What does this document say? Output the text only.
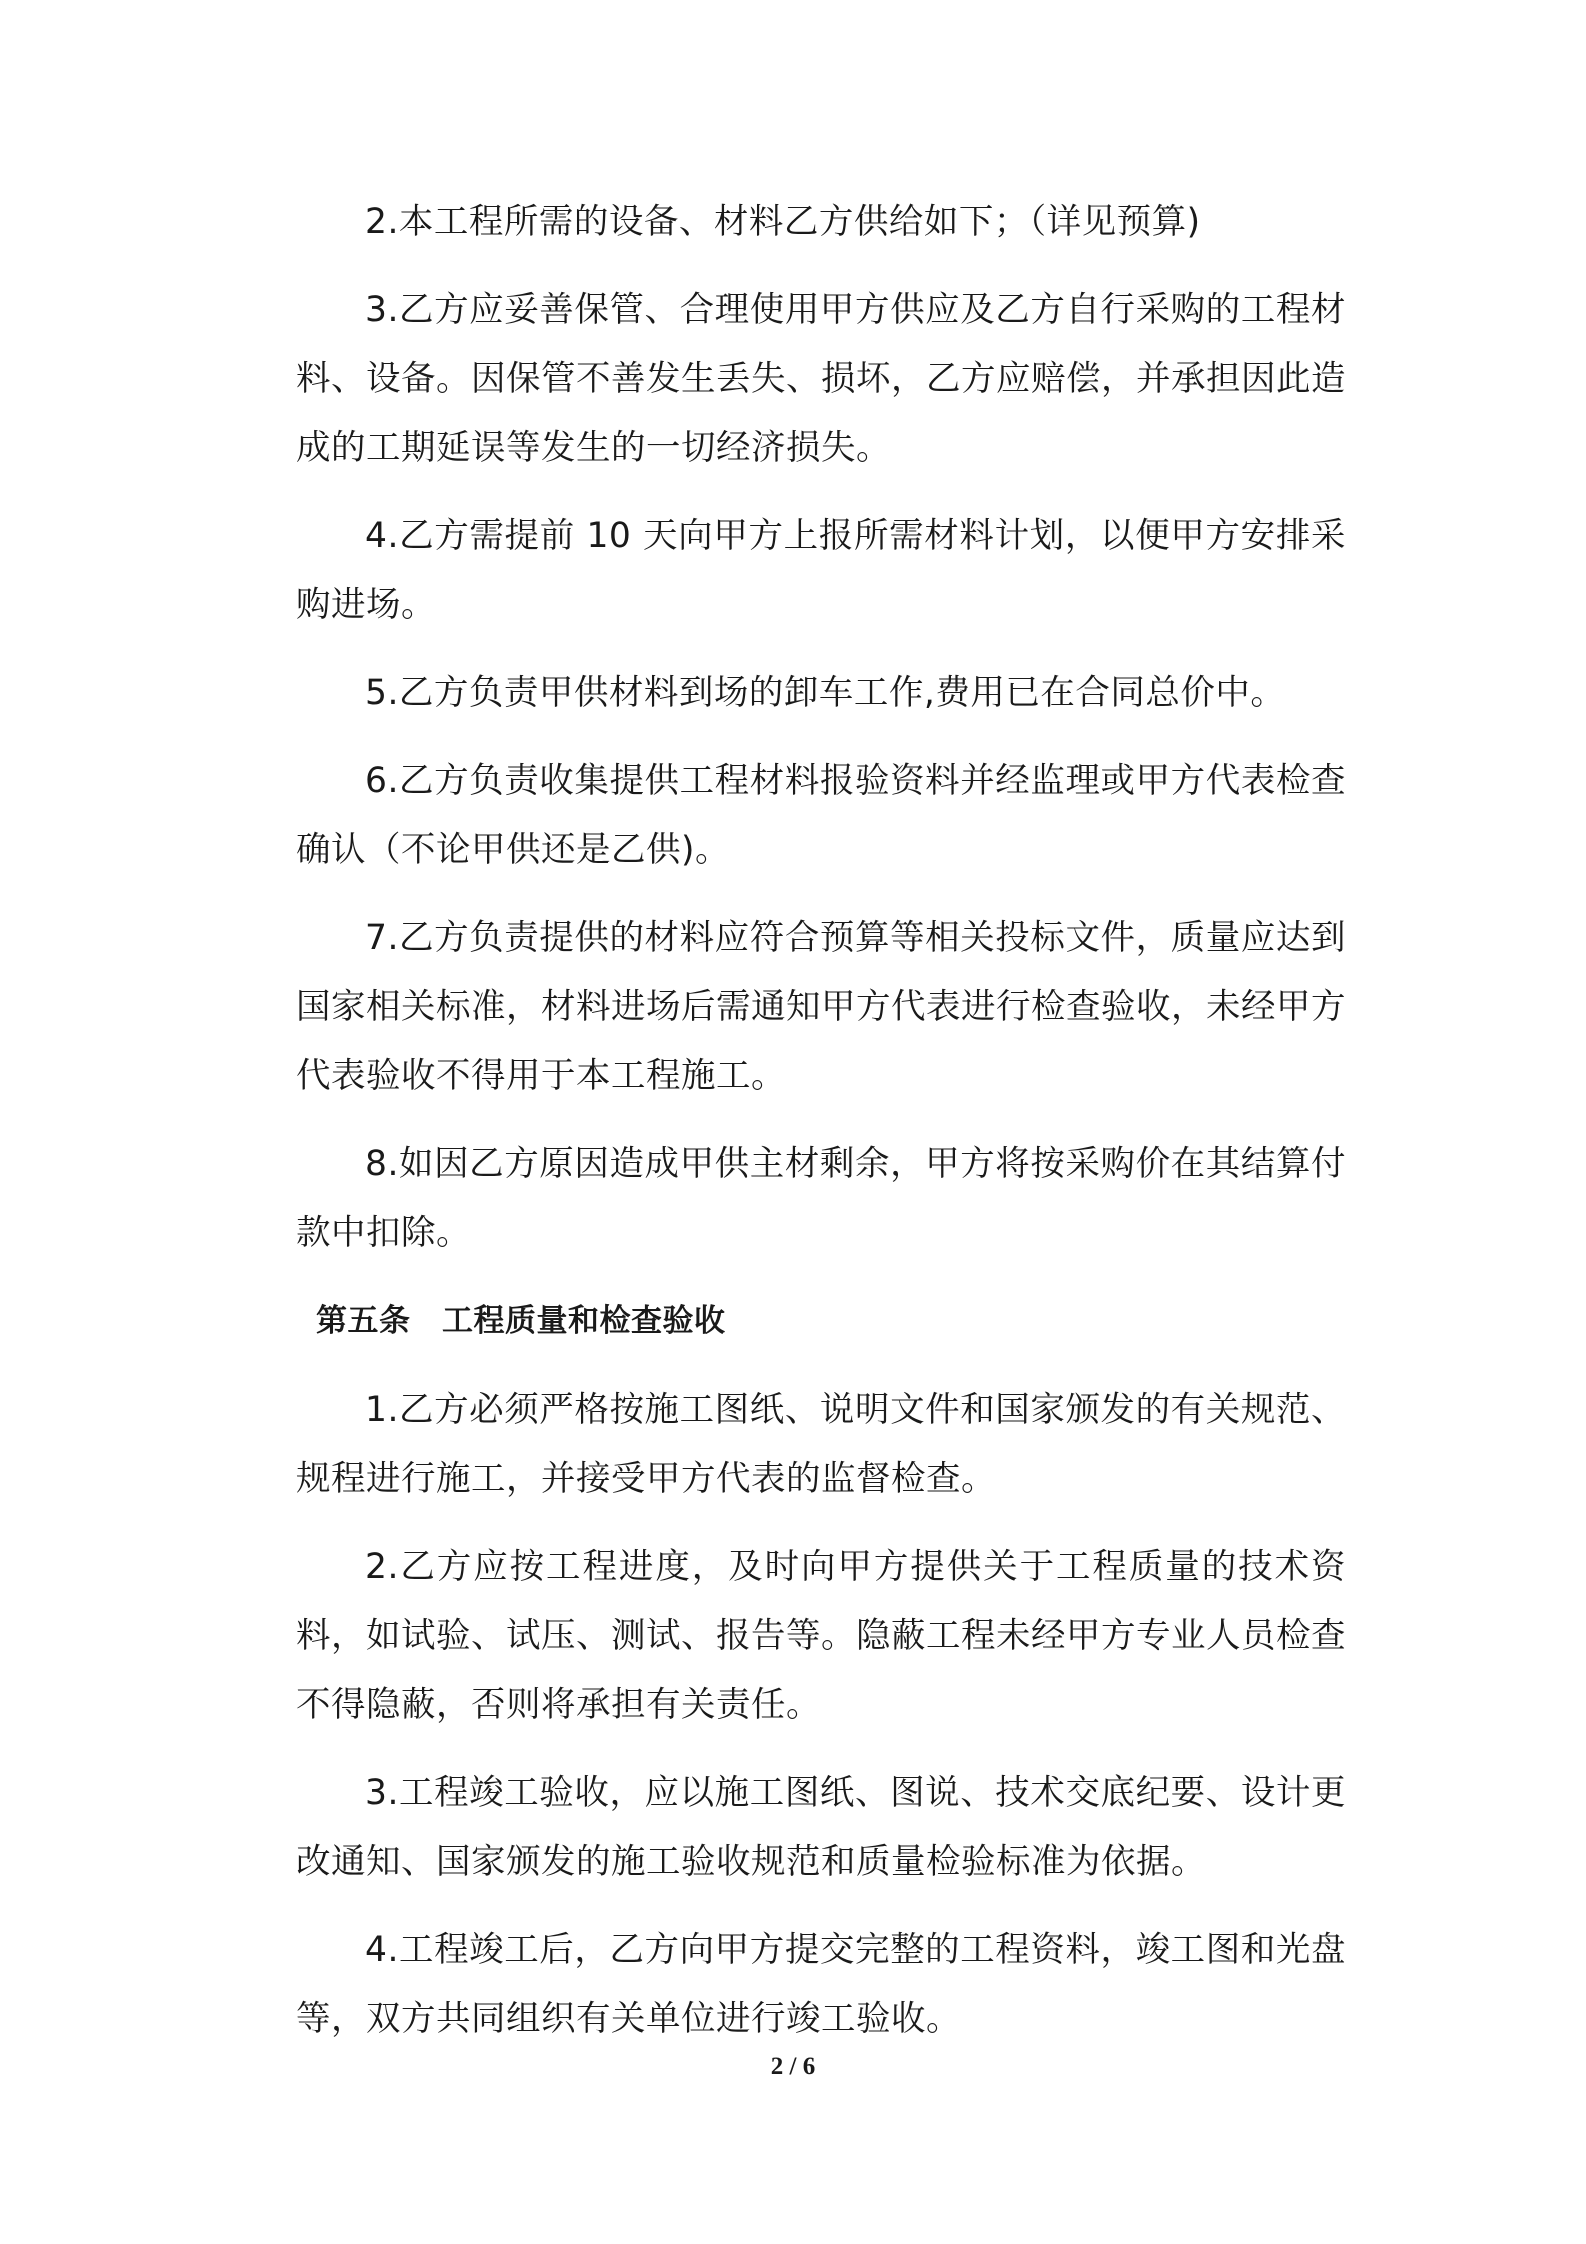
2.本工程所需的设备、材料乙方供给如下；（详见预算)

3.乙方应妥善保管、合理使用甲方供应及乙方自行采购的工程材料、设备。因保管不善发生丢失、损坏，乙方应赔偿，并承担因此造成的工期延误等发生的一切经济损失。

4.乙方需提前 10 天向甲方上报所需材料计划，以便甲方安排采购进场。

5.乙方负责甲供材料到场的卸车工作,费用已在合同总价中。

6.乙方负责收集提供工程材料报验资料并经监理或甲方代表检查确认（不论甲供还是乙供)。

7.乙方负责提供的材料应符合预算等相关投标文件，质量应达到国家相关标准，材料进场后需通知甲方代表进行检查验收，未经甲方代表验收不得用于本工程施工。

8.如因乙方原因造成甲供主材剩余，甲方将按采购价在其结算付款中扣除。

第五条　工程质量和检查验收

1.乙方必须严格按施工图纸、说明文件和国家颁发的有关规范、规程进行施工，并接受甲方代表的监督检查。

2.乙方应按工程进度，及时向甲方提供关于工程质量的技术资料，如试验、试压、测试、报告等。隐蔽工程未经甲方专业人员检查不得隐蔽，否则将承担有关责任。

3.工程竣工验收，应以施工图纸、图说、技术交底纪要、设计更改通知、国家颁发的施工验收规范和质量检验标准为依据。

4.工程竣工后，乙方向甲方提交完整的工程资料，竣工图和光盘等，双方共同组织有关单位进行竣工验收。

2 / 6
